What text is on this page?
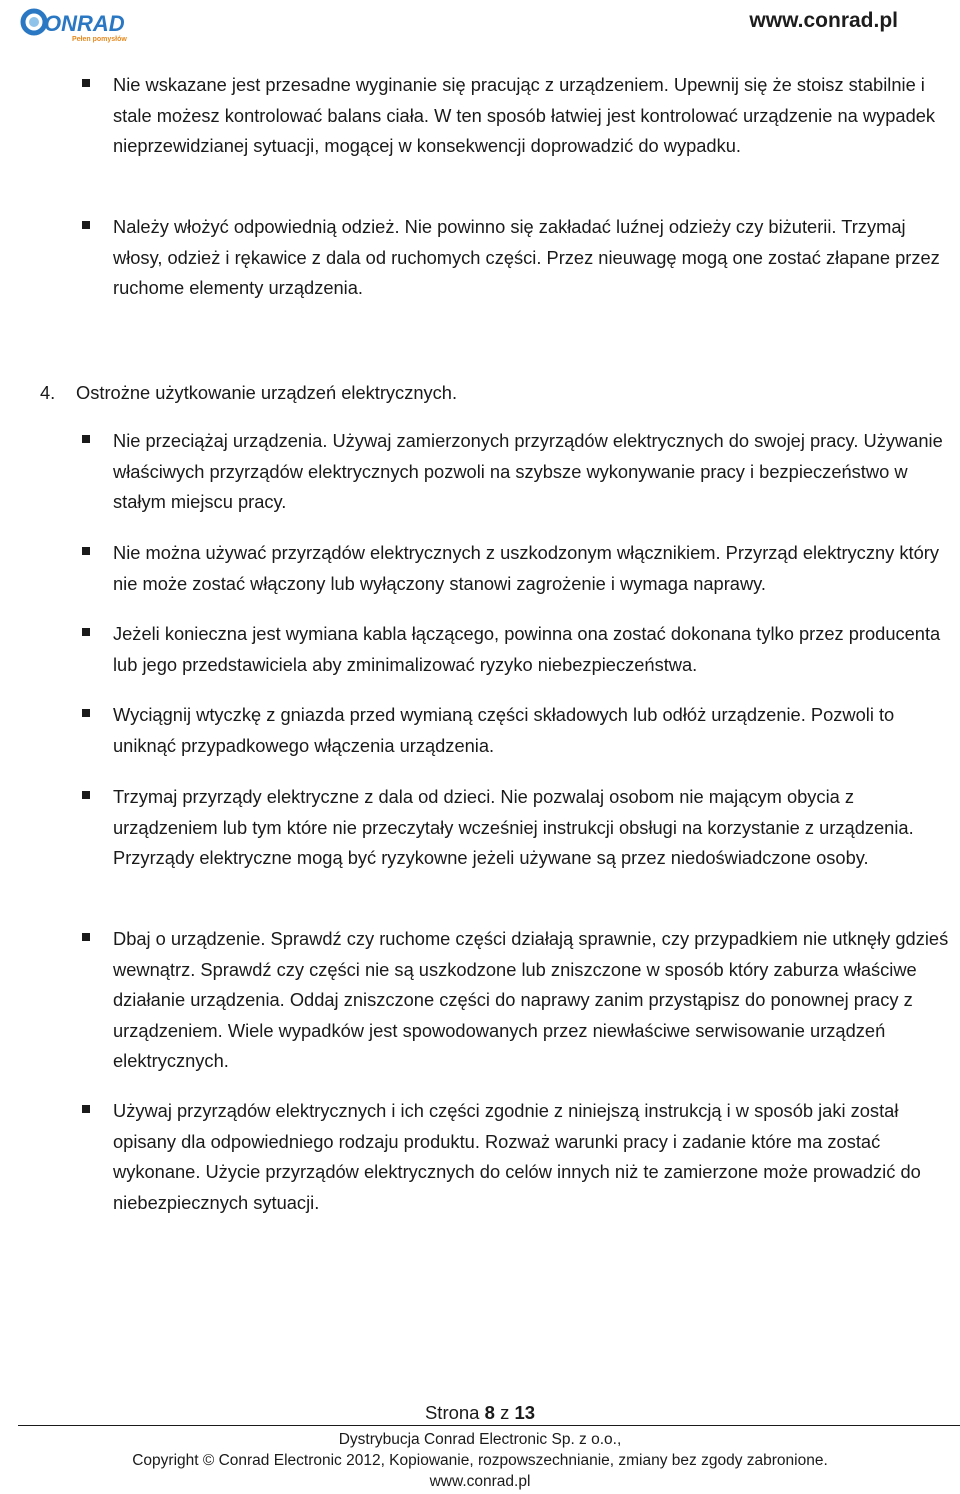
ONRAD
Pełen pomysłów
www.conrad.pl

Nie wskazane jest przesadne wyginanie się pracując z urządzeniem. Upewnij się że stoisz stabilnie i stale możesz kontrolować balans ciała. W ten sposób łatwiej jest kontrolować urządzenie na wypadek nieprzewidzianej sytuacji, mogącej w konsekwencji doprowadzić do wypadku.

Należy włożyć odpowiednią odzież. Nie powinno się zakładać luźnej odzieży czy biżuterii. Trzymaj włosy, odzież i rękawice z dala od ruchomych części. Przez nieuwagę mogą one zostać złapane przez ruchome elementy urządzenia.

4. Ostrożne użytkowanie urządzeń elektrycznych.

Nie przeciążaj urządzenia. Używaj zamierzonych przyrządów elektrycznych do swojej pracy. Używanie właściwych przyrządów elektrycznych pozwoli na szybsze wykonywanie pracy i bezpieczeństwo w stałym miejscu pracy.

Nie można używać przyrządów elektrycznych z uszkodzonym włącznikiem. Przyrząd elektryczny który nie może zostać włączony lub wyłączony stanowi zagrożenie i wymaga naprawy.

Jeżeli konieczna jest wymiana kabla łączącego, powinna ona zostać dokonana tylko przez producenta lub jego przedstawiciela aby zminimalizować ryzyko niebezpieczeństwa.

Wyciągnij wtyczkę z gniazda przed wymianą części składowych lub odłóż urządzenie. Pozwoli to uniknąć przypadkowego włączenia urządzenia.

Trzymaj przyrządy elektryczne z dala od dzieci. Nie pozwalaj osobom nie mającym obycia z urządzeniem lub tym które nie przeczytały wcześniej instrukcji obsługi na korzystanie z urządzenia. Przyrządy elektryczne mogą być ryzykowne jeżeli używane są przez niedoświadczone osoby.

Dbaj o urządzenie. Sprawdź czy ruchome części działają sprawnie, czy przypadkiem nie utknęły gdzieś wewnątrz. Sprawdź czy części nie są uszkodzone lub zniszczone w sposób który zaburza właściwe działanie urządzenia. Oddaj zniszczone części do naprawy zanim przystąpisz do ponownej pracy z urządzeniem. Wiele wypadków jest spowodowanych przez niewłaściwe serwisowanie urządzeń elektrycznych.

Używaj przyrządów elektrycznych i ich części zgodnie z niniejszą instrukcją i w sposób jaki został opisany dla odpowiedniego rodzaju produktu. Rozważ warunki pracy i zadanie które ma zostać wykonane. Użycie przyrządów elektrycznych do celów innych niż te zamierzone może prowadzić do niebezpiecznych sytuacji.

Strona 8 z 13
Dystrybucja Conrad Electronic Sp. z o.o.,
Copyright © Conrad Electronic 2012, Kopiowanie, rozpowszechnianie, zmiany bez zgody zabronione.
www.conrad.pl
